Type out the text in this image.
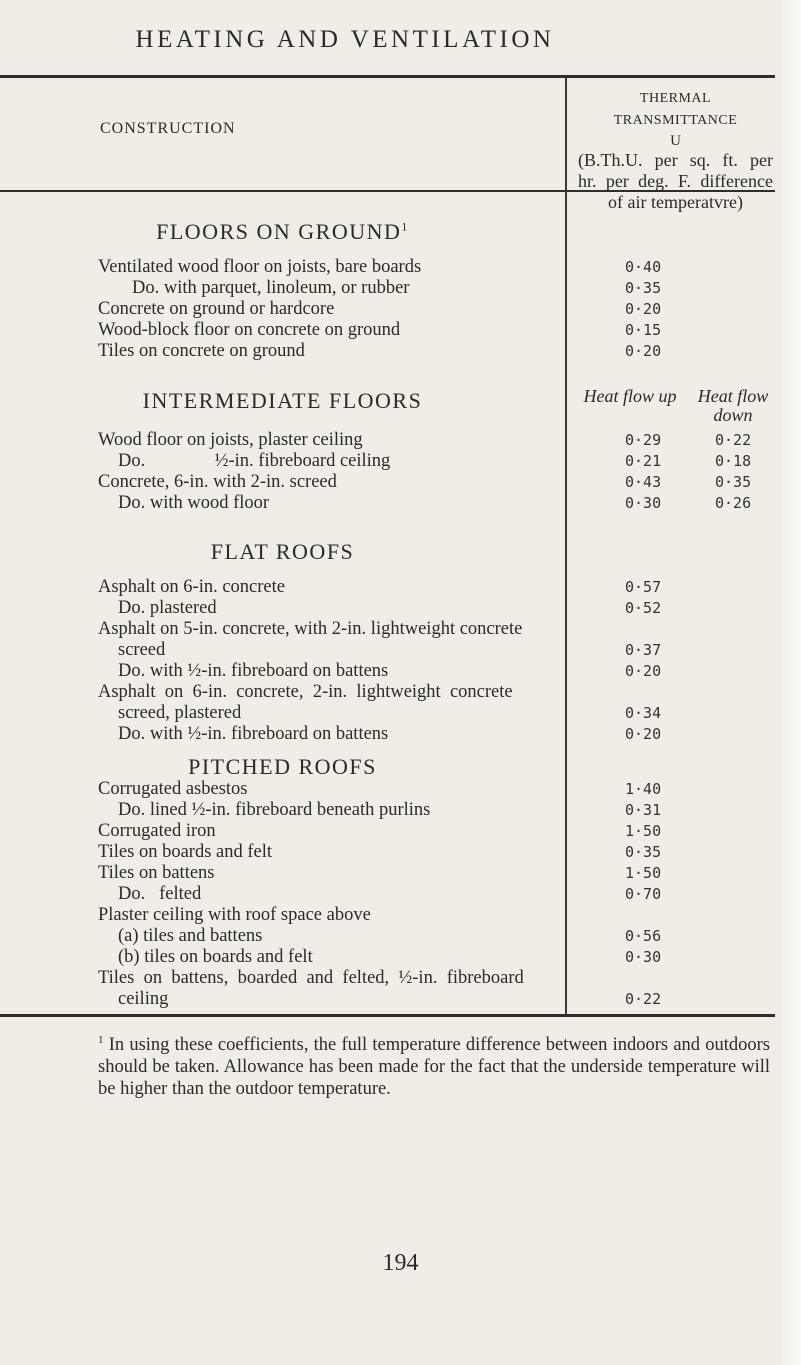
HEATING AND VENTILATION
CONSTRUCTION
THERMAL TRANSMITTANCE
U
(B.Th.U. per sq. ft. per
hr. per deg. F. difference
of air temperatvre)
FLOORS ON GROUND$^1$
Ventilated wood floor on joists, bare boards	0·40
Do. with parquet, linoleum, or rubber	0·35
Concrete on ground or hardcore	0·20
Wood-block floor on concrete on ground	0·15
Tiles on concrete on ground	0·20
INTERMEDIATE FLOORS	Heat flow up	Heat flow down
Wood floor on joists, plaster ceiling	0·29	0·22
Do.               ½-in. fibreboard ceiling	0·21	0·18
Concrete, 6-in. with 2-in. screed	0·43	0·35
Do. with wood floor	0·30	0·26
FLAT ROOFS
Asphalt on 6-in. concrete	0·57
Do. plastered	0·52
Asphalt on 5-in. concrete, with 2-in. lightweight concrete
screed	0·37
Do. with ½-in. fibreboard on battens	0·20
Asphalt  on  6-in.  concrete,  2-in.  lightweight  concrete
screed, plastered	0·34
Do. with ½-in. fibreboard on battens	0·20
PITCHED ROOFS
Corrugated asbestos	1·40
Do. lined ½-in. fibreboard beneath purlins	0·31
Corrugated iron	1·50
Tiles on boards and felt	0·35
Tiles on battens	1·50
Do.   felted	0·70
Plaster ceiling with roof space above
(a) tiles and battens	0·56
(b) tiles on boards and felt	0·30
Tiles  on  battens,  boarded  and  felted,  ½-in.  fibreboard
ceiling	0·22
$^1$ In using these coefficients, the full temperature difference between indoors and outdoors should be taken. Allowance has been made for the fact that the underside temperature will be higher than the outdoor temperature.
194
